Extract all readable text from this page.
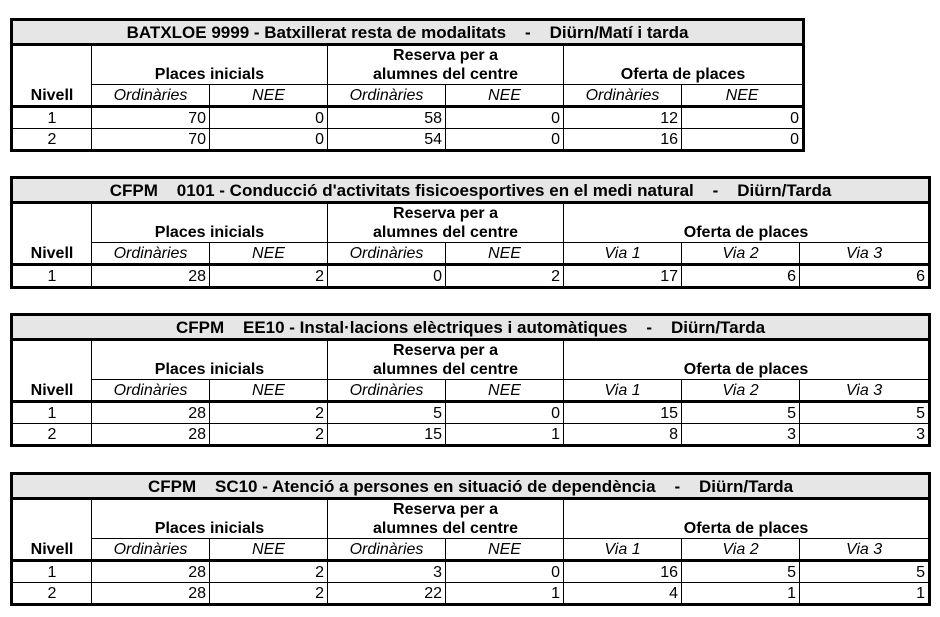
BATXLOE 9999 - Batxillerat resta de modalitats    -    Diürn/Matí i tarda						
			Reserva per a			
	Places inicials		alumnes del centre		Oferta de places	
Nivell	Ordinàries	NEE	Ordinàries	NEE	Ordinàries	NEE
1	70	0	58	0	12	0
2	70	0	54	0	16	0
CFPM    0101 - Conducció d'activitats fisicoesportives en el medi natural    -    Diürn/Tarda							
			Reserva per a				
	Places inicials		alumnes del centre		Oferta de places		
Nivell	Ordinàries	NEE	Ordinàries	NEE	Via 1	Via 2	Via 3
1	28	2	0	2	17	6	6
CFPM    EE10 - Instal·lacions elèctriques i automàtiques    -    Diürn/Tarda							
			Reserva per a				
	Places inicials		alumnes del centre		Oferta de places		
Nivell	Ordinàries	NEE	Ordinàries	NEE	Via 1	Via 2	Via 3
1	28	2	5	0	15	5	5
2	28	2	15	1	8	3	3
CFPM    SC10 - Atenció a persones en situació de dependència    -    Diürn/Tarda							
			Reserva per a				
	Places inicials		alumnes del centre		Oferta de places		
Nivell	Ordinàries	NEE	Ordinàries	NEE	Via 1	Via 2	Via 3
1	28	2	3	0	16	5	5
2	28	2	22	1	4	1	1
